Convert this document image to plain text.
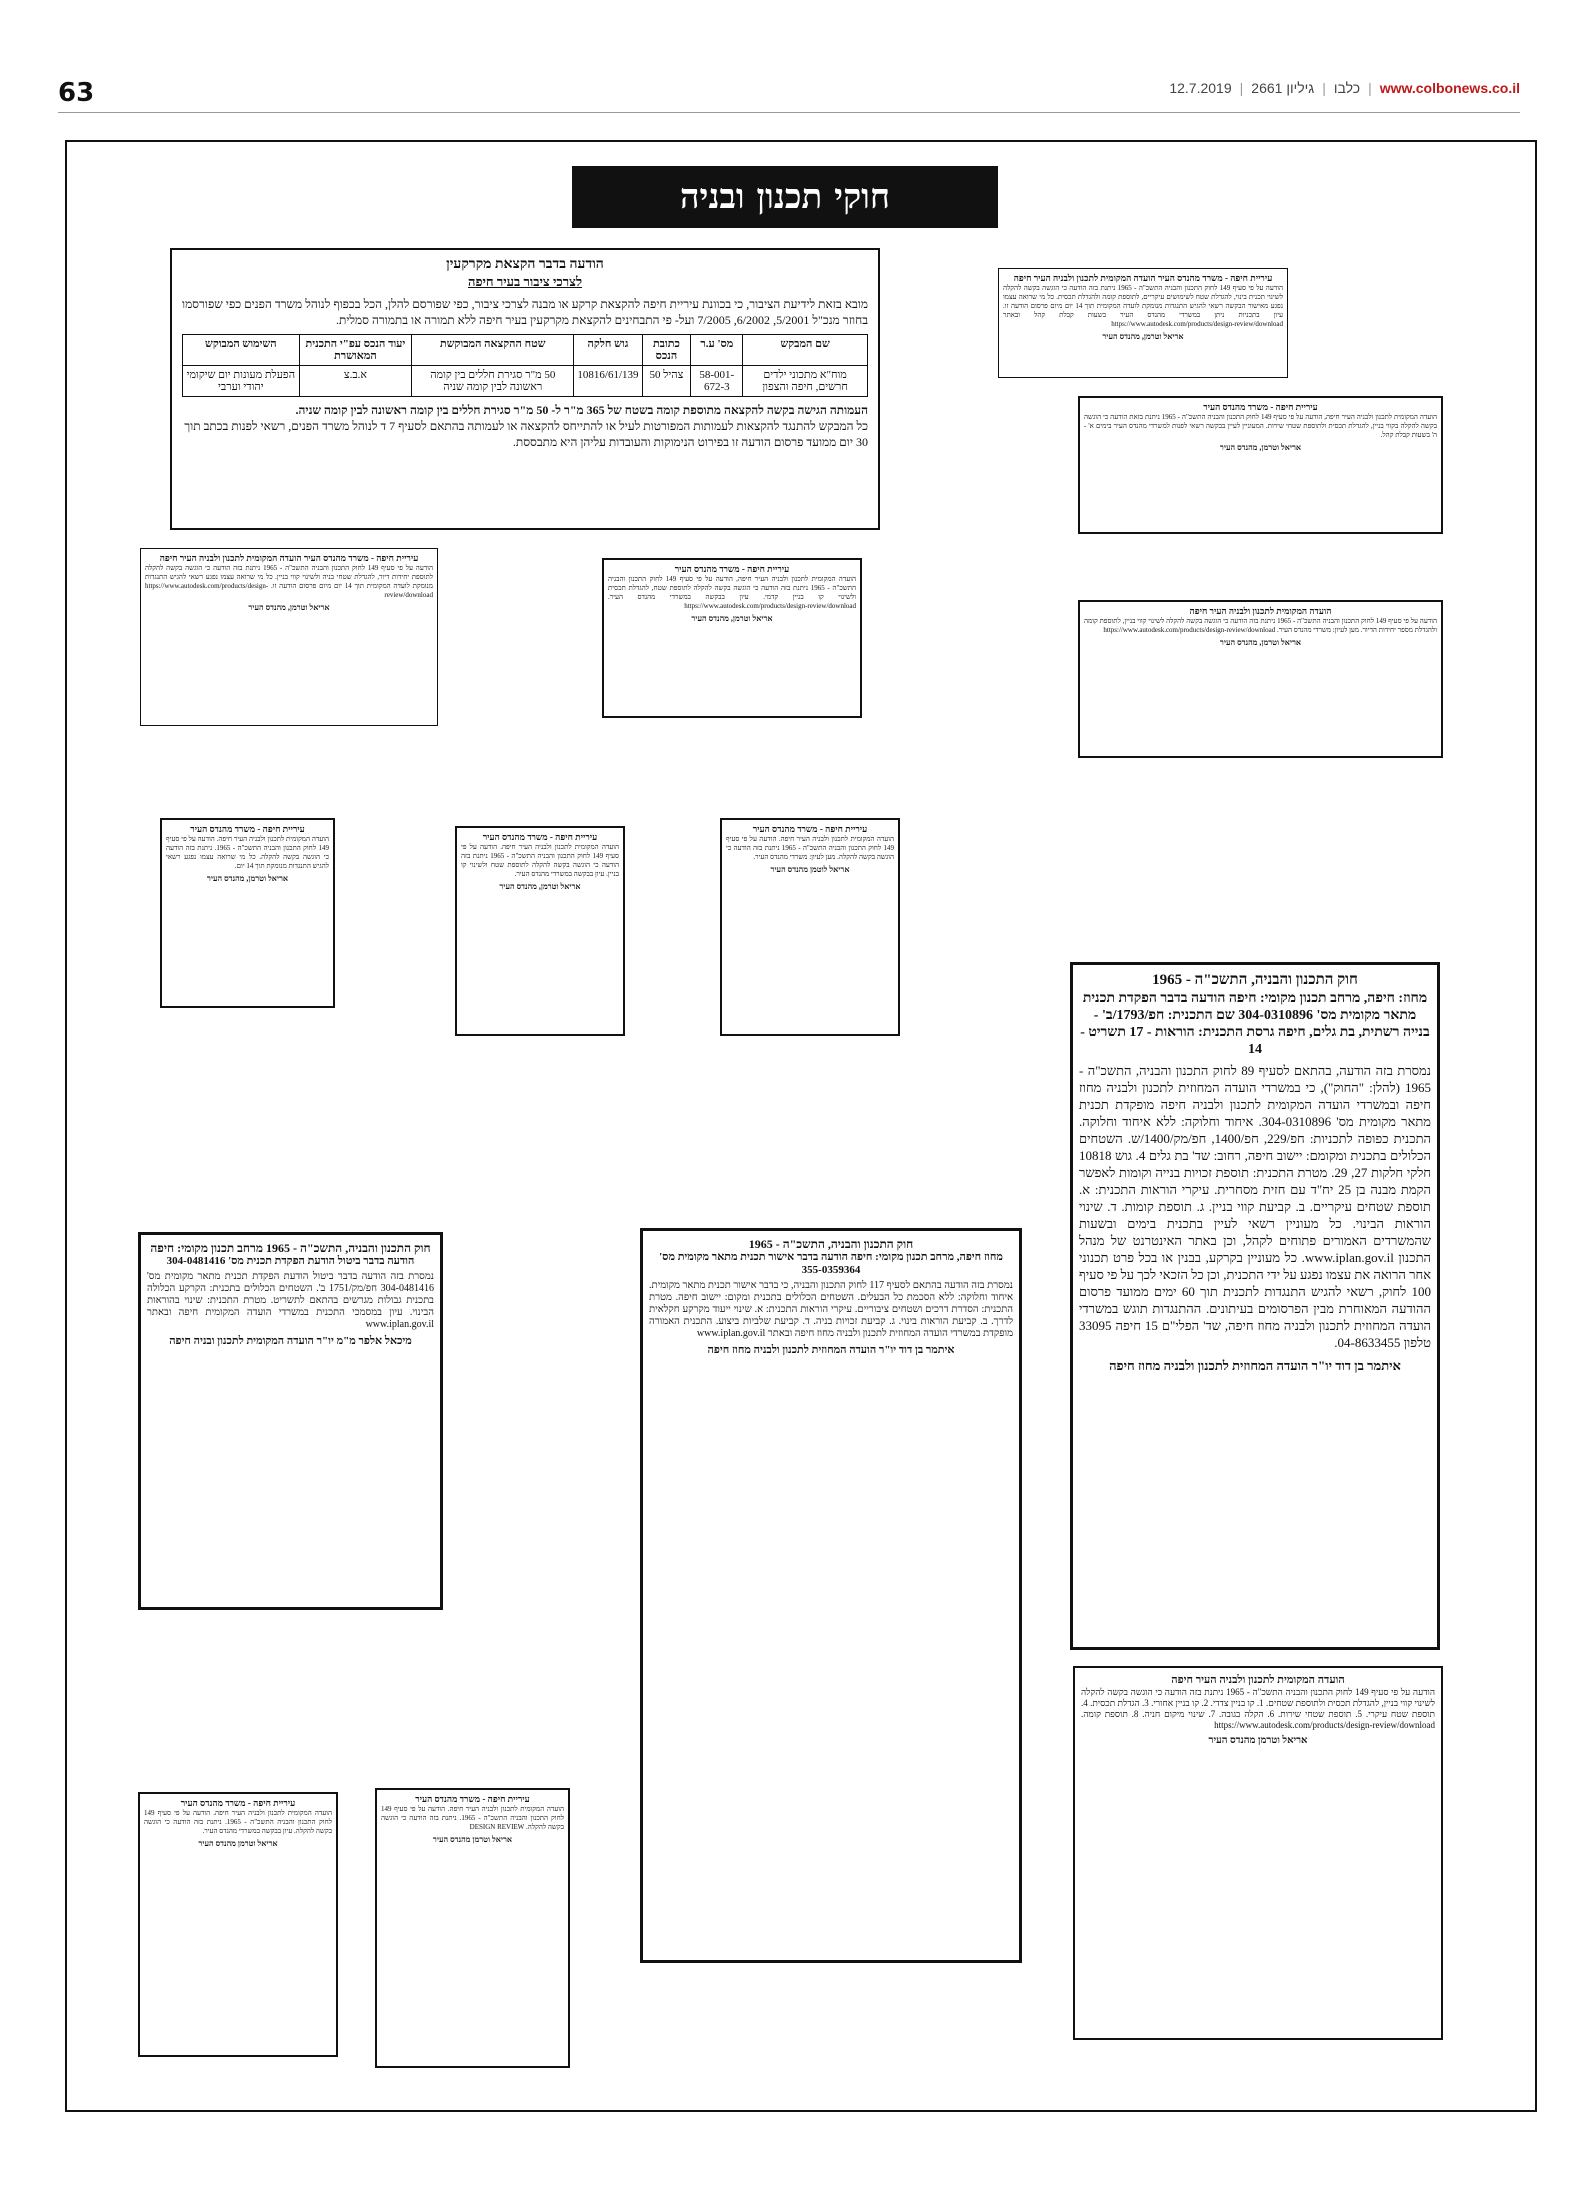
63	12.7.2019 | גיליון 2661 | כלבו | www.colbonews.co.il
חוקי תכנון ובניה
הודעה בדבר הקצאת מקרקעין
לצרכי ציבור בעיר חיפה
מובא בזאת לידיעת הציבור, כי בכוונת עיריית חיפה להקצאת קרקע או מבנה לצרכי ציבור, כפי שפורסם להלן, הכל בכפוף לנוהל משרד הפנים כפי שפורסמו בחוזר מנכ"ל 5/2001, 6/2002, 7/2005 ועל- פי התבחינים להקצאת מקרקעין בעיר חיפה ללא תמורה או בתמורה סמלית.
שם המבקש	מס' ע.ר	כתובת הנכס	גוש חלקה	שטח ההקצאה המבוקשת	יעוד הנכס עפ"י התכנית המאושרת	השימוש המבוקש
מוח"א מתכוני ילדים חרשים, חיפה והצפון	58-001-672-3	צהיל 50	10816/61/139	50 מ"ר סגירת חללים בין קומה ראשונה לבין קומה שניה	א.ב.צ	הפעלת מעונות יום שיקומי יהודי וערבי
העמותה הגישה בקשה להקצאה מתוספת קומה בשטח של 365 מ"ר ל- 50 מ"ר סגירת חללים בין קומה ראשונה לבין קומה שניה.
כל המבקש להתנגד להקצאות לעמותות המפורטות לעיל או להתייחס להקצאה או לעמותה בהתאם לסעיף 7 ד לנוהל משרד הפנים, רשאי לפנות בכתב תוך 30 יום ממועד פרסום הודעה זו בפירוט הנימוקות והעובדות עליהן היא מתבססת.
עיריית חיפה - משרד מהנדס העיר הועדה המקומית לתכנון ולבניה העיר חיפה
הודעה על פי סעיף 149 לחוק התכנון והבניה התשכ"ה - 1965 ניתנת בזה הודעה כי הוגשה בקשה להקלה לשינוי תכנית בינוי, להגדלת שטח לשימושים עיקריים, לתוספת קומה ולהגדלת תכסית. כל מי שרואה עצמו נפגע מאישור הבקשה רשאי להגיש התנגדות מנומקת לועדה המקומית תוך 14 יום מיום פרסום הודעה זו. עיון בתכניות ניתן במשרדי מהנדס העיר בשעות קבלת קהל ובאתר https://www.autodesk.com/products/design-review/download
אריאל וטרמן, מהנדס העיר
עיריית חיפה - משרד מהנדס העיר
הועדה המקומית לתכנון ולבניה העיר חיפה, הודעה על פי סעיף 149 לחוק התכנון והבניה התשכ"ה - 1965 ניתנת בזאת הודעה כי הוגשה בקשה להקלה בקווי בניין, להגדלת תכסית ולתוספת שטחי שירות. המעוניין לעיין בבקשה רשאי לפנות למשרדי מהנדס העיר בימים א' - ה' בשעות קבלת קהל.
אריאל וטרמן, מהנדס העיר
עיריית חיפה - משרד מהנדס העיר הועדה המקומית לתכנון ולבניה העיר חיפה
הודעה על פי סעיף 149 לחוק התכנון והבניה התשכ"ה - 1965 ניתנת בזה הודעה כי הוגשה בקשה להקלה לתוספת יחידות דיור, להגדלת שטחי בניה ולשינוי קווי בניין. כל מי שרואה עצמו נפגע רשאי להגיש התנגדות מנומקת לועדה המקומית תוך 14 יום מיום פרסום הודעה זו. https://www.autodesk.com/products/design-review/download
אריאל וטרמן, מהנדס העיר
עיריית חיפה - משרד מהנדס העיר
הועדה המקומית לתכנון ולבניה העיר חיפה, הודעה על פי סעיף 149 לחוק התכנון והבניה התשכ"ה - 1965 ניתנת בזה הודעה כי הוגשה בקשה להקלה לתוספת שטח, להגדלת תכסית ולשינוי קו בניין קדמי. עיון בבקשה במשרדי מהנדס העיר. https://www.autodesk.com/products/design-review/download
אריאל וטרמן, מהנדס העיר
הועדה המקומית לתכנון ולבניה העיר חיפה
הודעה על פי סעיף 149 לחוק התכנון והבניה התשכ"ה - 1965 ניתנת בזה הודעה כי הוגשה בקשה להקלה לשינוי קווי בניין, לתוספת קומה ולהגדלת מספר יחידות הדיור. מען לעיון: משרדי מהנדס העיר. https://www.autodesk.com/products/design-review/download
אריאל וטרמן, מהנדס העיר
עיריית חיפה - משרד מהנדס העיר
הועדה המקומית לתכנון ולבניה העיר חיפה. הודעה על פי סעיף 149 לחוק התכנון והבניה התשכ"ה - 1965. ניתנת בזה הודעה כי הוגשה בקשה להקלה. כל מי שרואה עצמו נפגע רשאי להגיש התנגדות מנומקת תוך 14 יום.
אריאל וטרמן, מהנדס העיר
עיריית חיפה - משרד מהנדס העיר
הועדה המקומית לתכנון ולבניה העיר חיפה. הודעה על פי סעיף 149 לחוק התכנון והבניה התשכ"ה - 1965 ניתנת בזה הודעה כי הוגשה בקשה להקלה לתוספת שטח ולשינוי קו בניין. עיון בבקשה במשרדי מהנדס העיר.
אריאל וטרמן, מהנדס העיר
עיריית חיפה - משרד מהנדס העיר
הועדה המקומית לתכנון ולבניה העיר חיפה. הודעה על פי סעיף 149 לחוק התכנון והבניה התשכ"ה - 1965 ניתנת בזה הודעה כי הוגשה בקשה להקלה. מען לעיון: משרדי מהנדס העיר.
אריאל לוטמן מהנדס העיר
חוק התכנון והבניה, התשכ"ה - 1965
מחוז: חיפה, מרחב תכנון מקומי: חיפה הודעה בדבר הפקדת תכנית מתאר מקומית מס' 304-0310896 שם התכנית: חפ/1793/ב' - בנייה רשתית, בת גלים, חיפה גרסת התכנית: הוראות - 17 תשריט - 14
נמסרת בזה הודעה, בהתאם לסעיף 89 לחוק התכנון והבניה, התשכ"ה - 1965 (להלן: "החוק"), כי במשרדי הועדה המחוזית לתכנון ולבניה מחוז חיפה ובמשרדי הועדה המקומית לתכנון ולבניה חיפה מופקדת תכנית מתאר מקומית מס' 304-0310896. איחוד וחלוקה: ללא איחוד וחלוקה. התכנית כפופה לתכניות: חפ/229, חפ/1400, חפ/מק/1400/ש. השטחים הכלולים בתכנית ומקומם: יישוב חיפה, רחוב: שד' בת גלים 4. גוש 10818 חלקי חלקות 27, 29. מטרת התכנית: תוספת זכויות בנייה וקומות לאפשר הקמת מבנה בן 25 יח"ד עם חזית מסחרית. עיקרי הוראות התכנית: א. תוספת שטחים עיקריים. ב. קביעת קווי בניין. ג. תוספת קומות. ד. שינוי הוראות הבינוי. כל מעוניין רשאי לעיין בתכנית בימים ובשעות שהמשרדים האמורים פתוחים לקהל, וכן באתר האינטרנט של מנהל התכנון www.iplan.gov.il. כל מעוניין בקרקע, בבנין או בכל פרט תכנוני אחר הרואה את עצמו נפגע על ידי התכנית, וכן כל הזכאי לכך על פי סעיף 100 לחוק, רשאי להגיש התנגדות לתכנית תוך 60 ימים ממועד פרסום ההודעה המאוחרת מבין הפרסומים בעיתונים. ההתנגדות תוגש במשרדי הועדה המחוזית לתכנון ולבניה מחוז חיפה, שד' הפלי"ם 15 חיפה 33095 טלפון 04-8633455.
איתמר בן דוד יו"ר הועדה המחוזית לתכנון ולבניה מחוז חיפה
חוק התכנון והבניה, התשכ"ה - 1965 מרחב תכנון מקומי: חיפה
הודעה בדבר ביטול הודעת הפקדת תכנית מס' 304-0481416
נמסרת בזה הודעה בדבר ביטול הודעת הפקדת תכנית מתאר מקומית מס' 304-0481416 חפ/מק/1751 ב'. השטחים הכלולים בתכנית: הקרקע הכלולה בתכנית גבולות מגרשים בהתאם לתשריט. מטרת התכנית: שינוי בהוראות הבינוי. עיון במסמכי התכנית במשרדי הועדה המקומית חיפה ובאתר www.iplan.gov.il
מיכאל אלפר מ"מ יו"ר הועדה המקומית לתכנון ובניה חיפה
חוק התכנון והבניה, התשכ"ה - 1965
מחוז חיפה, מרחב תכנון מקומי: חיפה הודעה בדבר אישור תכנית מתאר מקומית מס' 355-0359364
נמסרת בזה הודעה בהתאם לסעיף 117 לחוק התכנון והבניה, כי בדבר אישור תכנית מתאר מקומית. איחוד וחלוקה: ללא הסכמת כל הבעלים. השטחים הכלולים בתכנית ומקום: יישוב חיפה. מטרת התכנית: הסדרת דרכים ושטחים ציבוריים. עיקרי הוראות התכנית: א. שינוי ייעוד מקרקע חקלאית לדרך. ב. קביעת הוראות בינוי. ג. קביעת זכויות בניה. ד. קביעת שלביות ביצוע. התכנית האמורה מופקדת במשרדי הועדה המחוזית לתכנון ולבניה מחוז חיפה ובאתר www.iplan.gov.il
איתמר בן דוד יו"ר הועדה המחוזית לתכנון ולבניה מחוז חיפה
עיריית חיפה - משרד מהנדס העיר
הועדה המקומית לתכנון ולבניה העיר חיפה. הודעה על פי סעיף 149 לחוק התכנון והבניה התשכ"ה - 1965. ניתנת בזה הודעה כי הוגשה בקשה להקלה. עיון בבקשה במשרדי מהנדס העיר.
אריאל וטרמן מהנדס העיר
עיריית חיפה - משרד מהנדס העיר
הועדה המקומית לתכנון ולבניה העיר חיפה. הודעה על פי סעיף 149 לחוק התכנון והבניה התשכ"ה - 1965. ניתנת בזה הודעה כי הוגשה בקשה להקלה. DESIGN REVIEW
אריאל וטרמן מהנדס העיר
הועדה המקומית לתכנון ולבניה העיר חיפה
הודעה על פי סעיף 149 לחוק התכנון והבניה התשכ"ה - 1965 ניתנת בזה הודעה כי הוגשה בקשה להקלה לשינוי קווי בניין, להגדלת תכסית ולתוספת שטחים. 1. קו בניין צדדי. 2. קו בניין אחורי. 3. הגדלת תכסית. 4. תוספת שטח עיקרי. 5. תוספת שטחי שירות. 6. הקלה בגובה. 7. שינוי מיקום חניה. 8. תוספת קומה. https://www.autodesk.com/products/design-review/download
אריאל וטרמן מהנדס העיר
